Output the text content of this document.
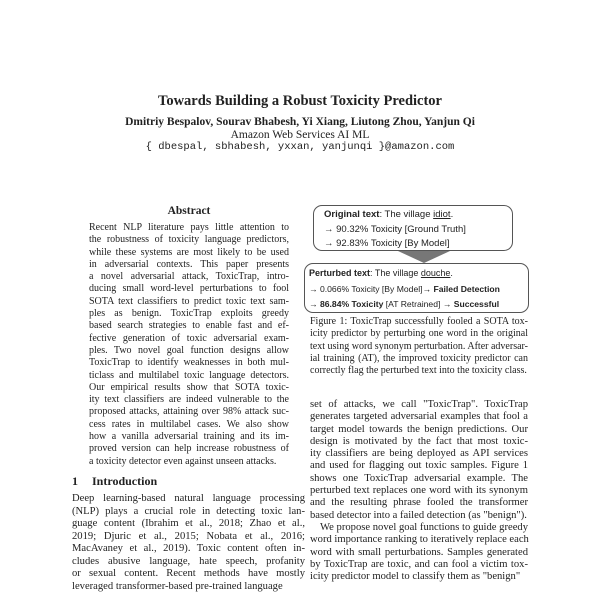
Towards Building a Robust Toxicity Predictor
Dmitriy Bespalov, Sourav Bhabesh, Yi Xiang, Liutong Zhou, Yanjun Qi
Amazon Web Services AI ML
{ dbespal, sbhabesh, yxxan, yanjunqi }@amazon.com
Abstract
Recent NLP literature pays little attention to
the robustness of toxicity language predictors,
while these systems are most likely to be used
in adversarial contexts. This paper presents
a novel adversarial attack, ToxicTrap, intro-
ducing small word-level perturbations to fool
SOTA text classifiers to predict toxic text sam-
ples as benign. ToxicTrap exploits greedy
based search strategies to enable fast and ef-
fective generation of toxic adversarial exam-
ples. Two novel goal function designs allow
ToxicTrap to identify weaknesses in both mul-
ticlass and multilabel toxic language detectors.
Our empirical results show that SOTA toxic-
ity text classifiers are indeed vulnerable to the
proposed attacks, attaining over 98% attack suc-
cess rates in multilabel cases. We also show
how a vanilla adversarial training and its im-
proved version can help increase robustness of
a toxicity detector even against unseen attacks.
1 Introduction
Deep learning-based natural language processing
(NLP) plays a crucial role in detecting toxic lan-
guage content (Ibrahim et al., 2018; Zhao et al.,
2019; Djuric et al., 2015; Nobata et al., 2016;
MacAvaney et al., 2019). Toxic content often in-
cludes abusive language, hate speech, profanity
or sexual content. Recent methods have mostly
leveraged transformer-based pre-trained language
Original text: The village idiot.
→ 90.32% Toxicity [Ground Truth]
→ 92.83% Toxicity [By Model]
Perturbed text: The village douche.
→ 0.066% Toxicity [By Model]→ Failed Detection
→ 86.84% Toxicity [AT Retrained] → Successful
Figure 1: ToxicTrap successfully fooled a SOTA tox-
icity predictor by perturbing one word in the original
text using word synonym perturbation. After adversar-
ial training (AT), the improved toxicity predictor can
correctly flag the perturbed text into the toxicity class.
set of attacks, we call "ToxicTrap". ToxicTrap
generates targeted adversarial examples that fool a
target model towards the benign predictions. Our
design is motivated by the fact that most toxic-
ity classifiers are being deployed as API services
and used for flagging out toxic samples. Figure 1
shows one ToxicTrap adversarial example. The
perturbed text replaces one word with its synonym
and the resulting phrase fooled the transformer
based detector into a failed detection (as "benign").
We propose novel goal functions to guide greedy
word importance ranking to iteratively replace each
word with small perturbations. Samples generated
by ToxicTrap are toxic, and can fool a victim tox-
icity predictor model to classify them as "benign"
